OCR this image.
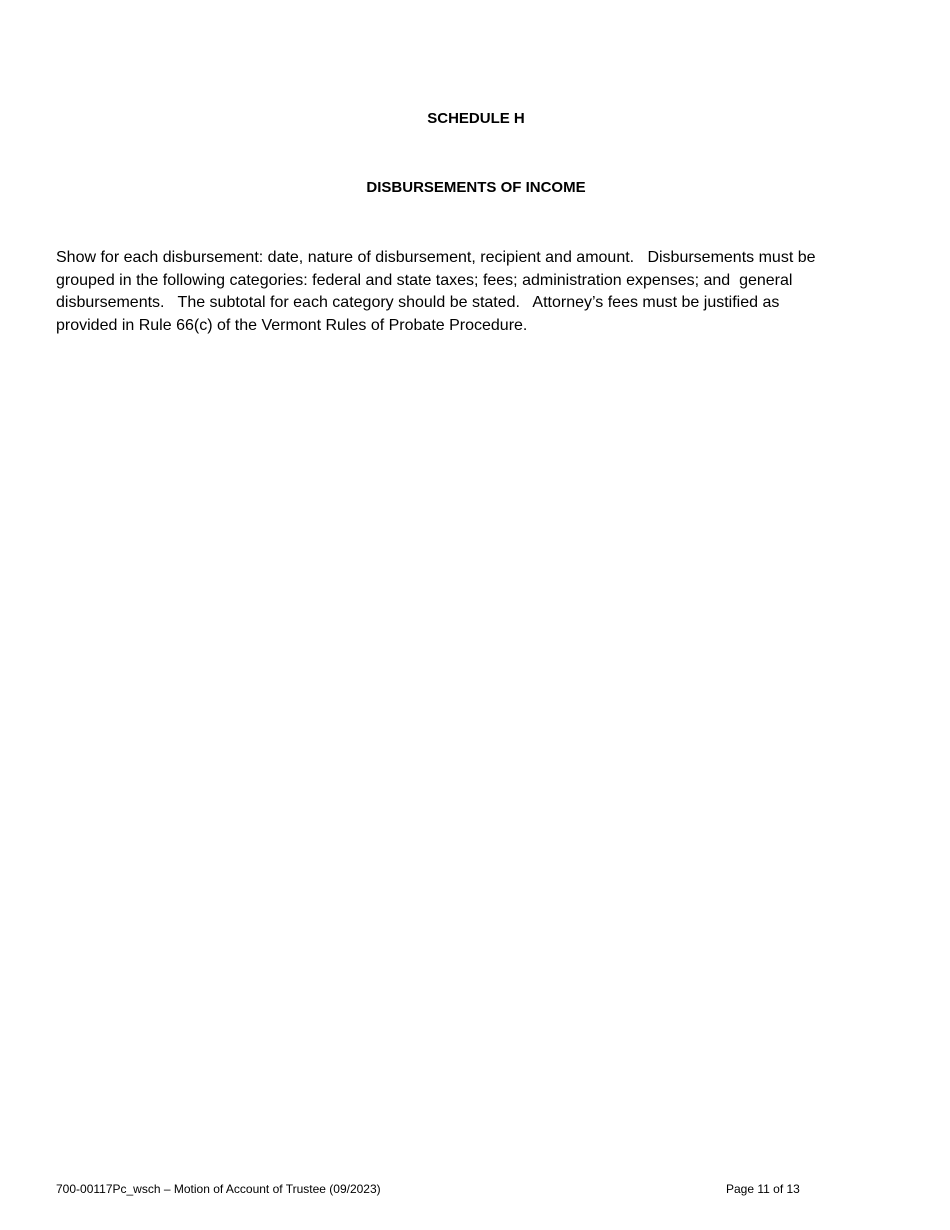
SCHEDULE H
DISBURSEMENTS OF INCOME

Show for each disbursement: date, nature of disbursement, recipient and amount.   Disbursements must be
grouped in the following categories: federal and state taxes; fees; administration expenses; and  general
disbursements.   The subtotal for each category should be stated.   Attorney’s fees must be justified as
provided in Rule 66(c) of the Vermont Rules of Probate Procedure.

700-00117Pc_wsch – Motion of Account of Trustee (09/2023)	Page 11 of 13
